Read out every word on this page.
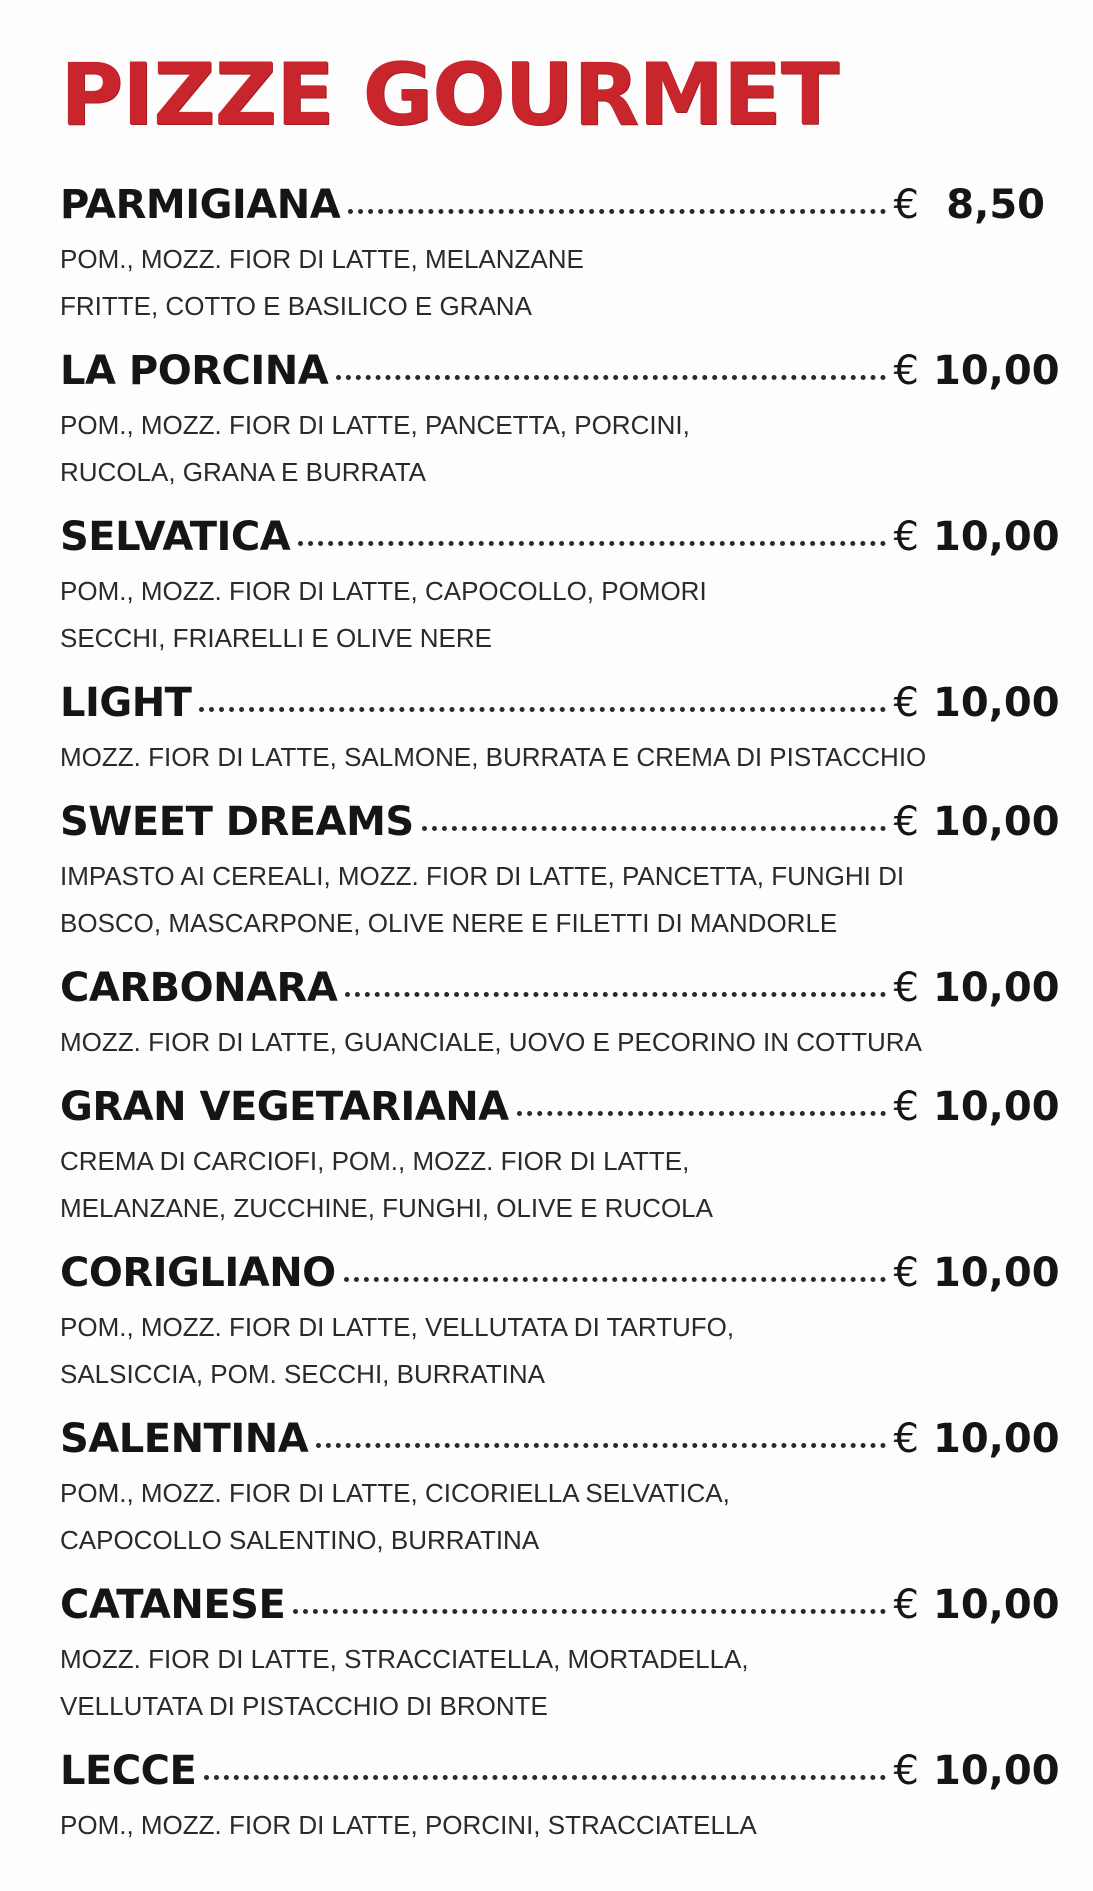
PIZZE GOURMET
PARMIGIANA	€ 8,50
POM., MOZZ. FIOR DI LATTE, MELANZANE
FRITTE, COTTO E BASILICO E GRANA
LA PORCINA	€ 10,00
POM., MOZZ. FIOR DI LATTE, PANCETTA, PORCINI,
RUCOLA, GRANA E BURRATA
SELVATICA	€ 10,00
POM., MOZZ. FIOR DI LATTE, CAPOCOLLO, POMORI
SECCHI, FRIARELLI E OLIVE NERE
LIGHT	€ 10,00
MOZZ. FIOR DI LATTE, SALMONE, BURRATA E CREMA DI PISTACCHIO
SWEET DREAMS	€ 10,00
IMPASTO AI CEREALI, MOZZ. FIOR DI LATTE, PANCETTA, FUNGHI DI
BOSCO, MASCARPONE, OLIVE NERE E FILETTI DI MANDORLE
CARBONARA	€ 10,00
MOZZ. FIOR DI LATTE, GUANCIALE, UOVO E PECORINO IN COTTURA
GRAN VEGETARIANA	€ 10,00
CREMA DI CARCIOFI, POM., MOZZ. FIOR DI LATTE,
MELANZANE, ZUCCHINE, FUNGHI, OLIVE E RUCOLA
CORIGLIANO	€ 10,00
POM., MOZZ. FIOR DI LATTE, VELLUTATA DI TARTUFO,
SALSICCIA, POM. SECCHI, BURRATINA
SALENTINA	€ 10,00
POM., MOZZ. FIOR DI LATTE, CICORIELLA SELVATICA,
CAPOCOLLO SALENTINO, BURRATINA
CATANESE	€ 10,00
MOZZ. FIOR DI LATTE, STRACCIATELLA, MORTADELLA,
VELLUTATA DI PISTACCHIO DI BRONTE
LECCE	€ 10,00
POM., MOZZ. FIOR DI LATTE, PORCINI, STRACCIATELLA
